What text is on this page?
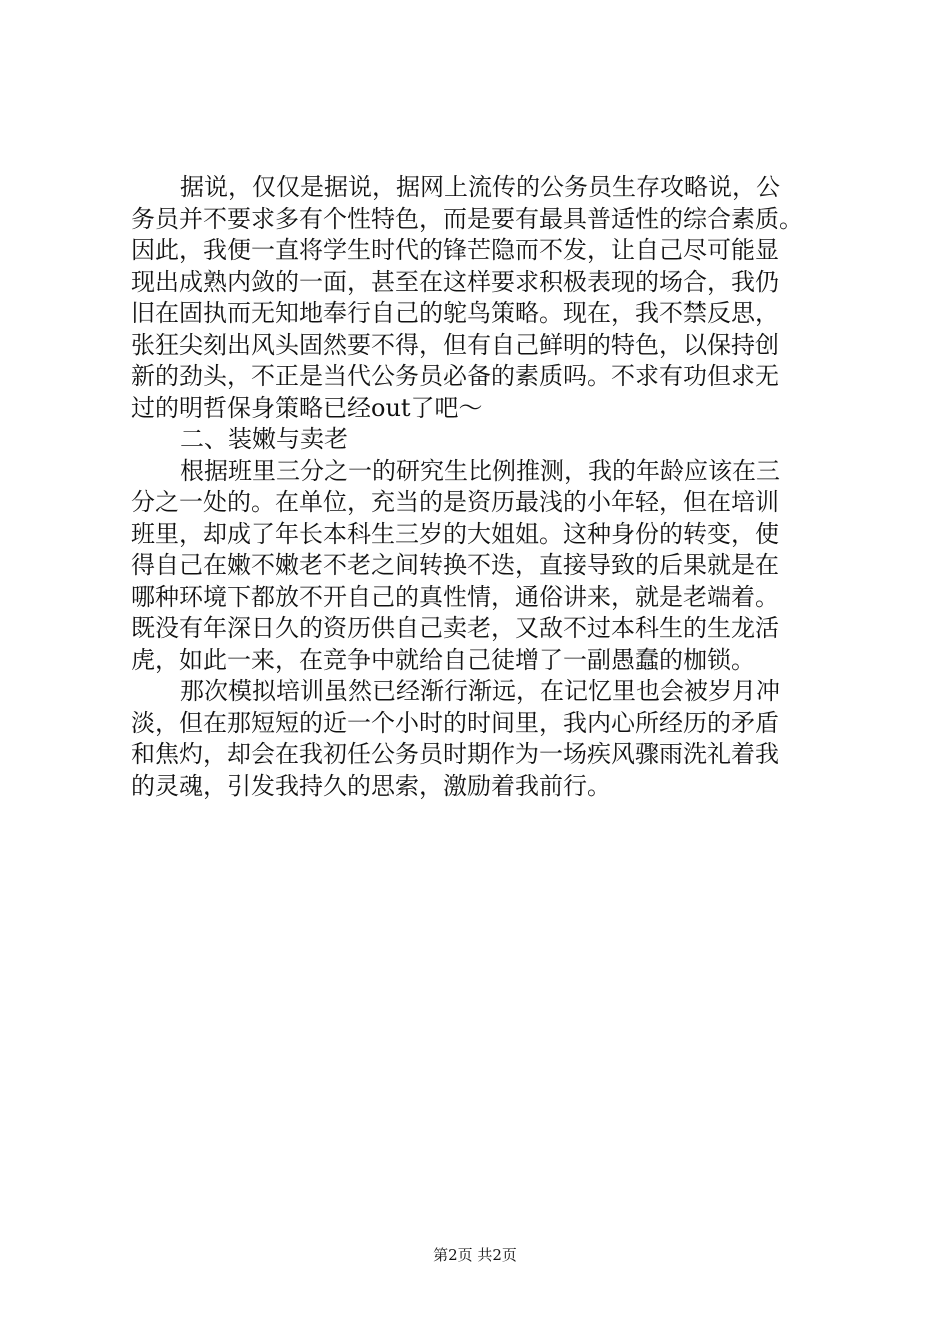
据说，仅仅是据说，据网上流传的公务员生存攻略说，公
务员并不要求多有个性特色，而是要有最具普适性的综合素质。
因此，我便一直将学生时代的锋芒隐而不发，让自己尽可能显
现出成熟内敛的一面，甚至在这样要求积极表现的场合，我仍
旧在固执而无知地奉行自己的鸵鸟策略。现在，我不禁反思，
张狂尖刻出风头固然要不得，但有自己鲜明的特色，以保持创
新的劲头，不正是当代公务员必备的素质吗。不求有功但求无
过的明哲保身策略已经out了吧～
二、装嫩与卖老
根据班里三分之一的研究生比例推测，我的年龄应该在三
分之一处的。在单位，充当的是资历最浅的小年轻，但在培训
班里，却成了年长本科生三岁的大姐姐。这种身份的转变，使
得自己在嫩不嫩老不老之间转换不迭，直接导致的后果就是在
哪种环境下都放不开自己的真性情，通俗讲来，就是老端着。
既没有年深日久的资历供自己卖老，又敌不过本科生的生龙活
虎，如此一来，在竞争中就给自己徒增了一副愚蠢的枷锁。
那次模拟培训虽然已经渐行渐远，在记忆里也会被岁月冲
淡，但在那短短的近一个小时的时间里，我内心所经历的矛盾
和焦灼，却会在我初任公务员时期作为一场疾风骤雨洗礼着我
的灵魂，引发我持久的思索，激励着我前行。
第2页 共2页
